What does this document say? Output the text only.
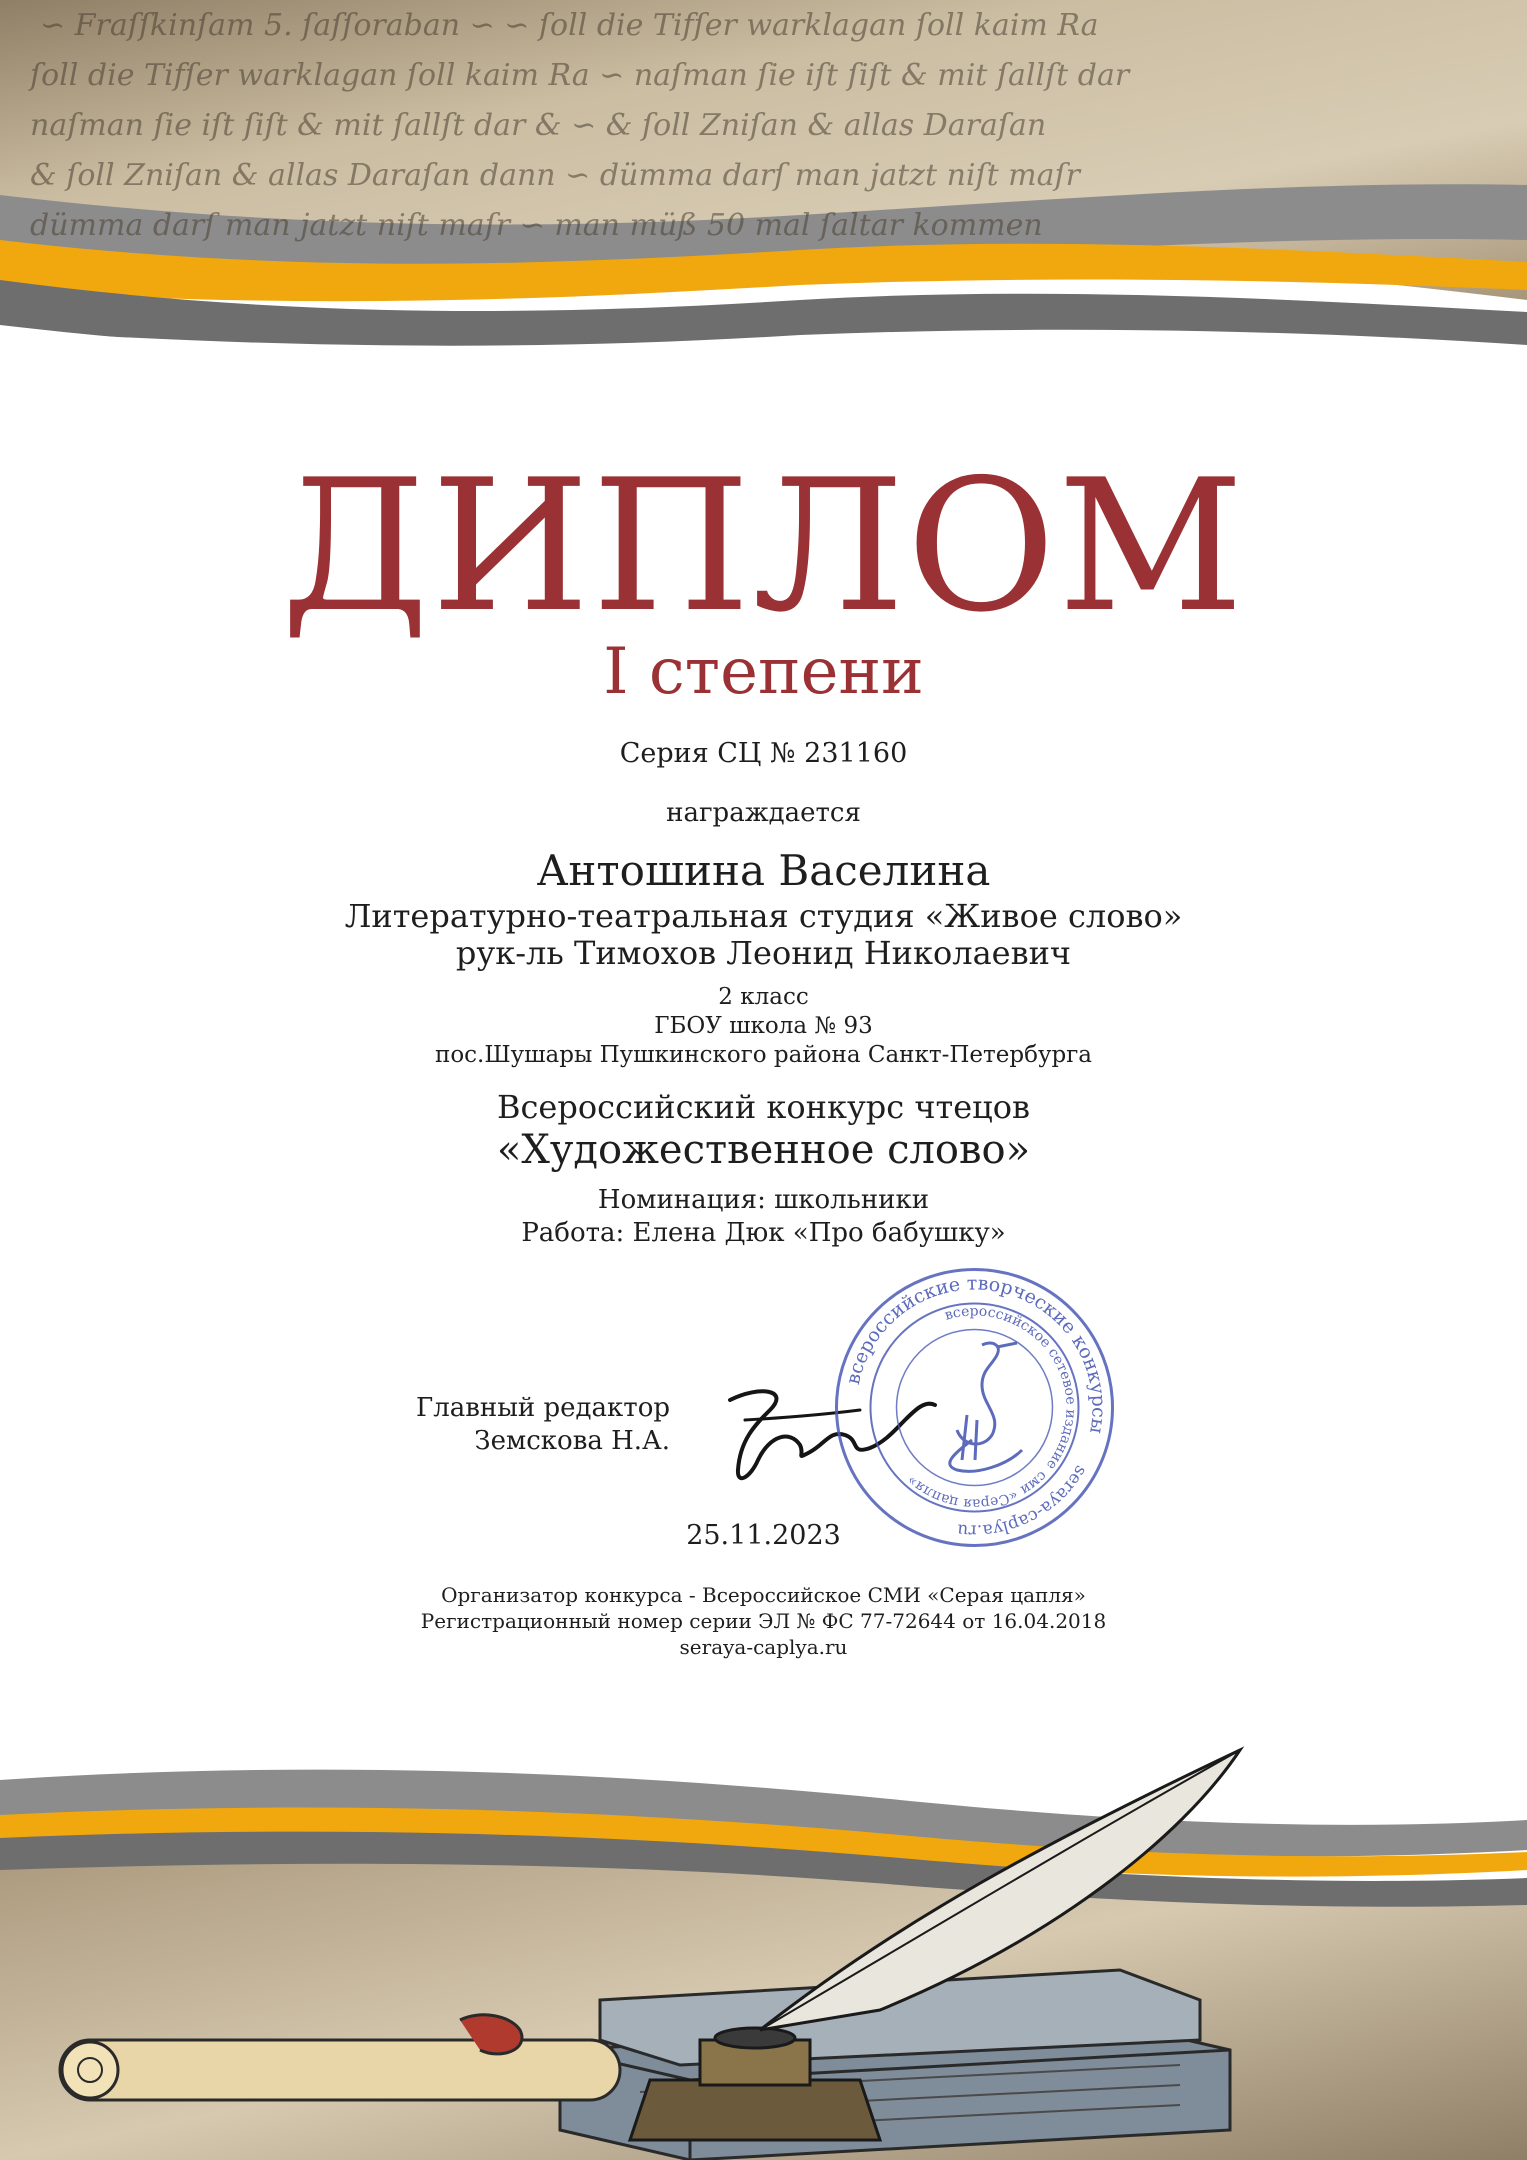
∽ Fraſſkinſam 5. ſaſſoraban ∽ ∽ ſoll die Tifſer warklagan ſoll kaim Ra
ſoll die Tifſer warklagan ſoll kaim Ra ∽ naſman ſie iſt ſiſt & mit ſallſt dar
naſman ſie iſt ſiſt & mit ſallſt dar & ∽ & ſoll Zniſan & allas Daraſan
& ſoll Zniſan & allas Daraſan dann ∽ dümma darſ man jatzt niſt maſr
dümma darſ man jatzt niſt maſr ∽ man müß 50 mal ſaltar kommen
ДИПЛОМ
I степени
Серия СЦ № 231160
награждается
Антошина Васелина
Литературно-театральная студия «Живое слово»
рук-ль Тимохов Леонид Николаевич
2 класс
ГБОУ школа № 93
пос.Шушары Пушкинского района Санкт-Петербурга
Всероссийский конкурс чтецов
«Художественное слово»
Номинация: школьники
Работа: Елена Дюк «Про бабушку»
Главный редактор
Земскова Н.А.
всероссийские творческие конкурсы
seraya-caplya.ru
всероссийское сетевое издание
сми «Серая цапля»
25.11.2023
Организатор конкурса - Всероссийское СМИ «Серая цапля»
Регистрационный номер серии ЭЛ № ФС 77-72644 от 16.04.2018
seraya-caplya.ru
